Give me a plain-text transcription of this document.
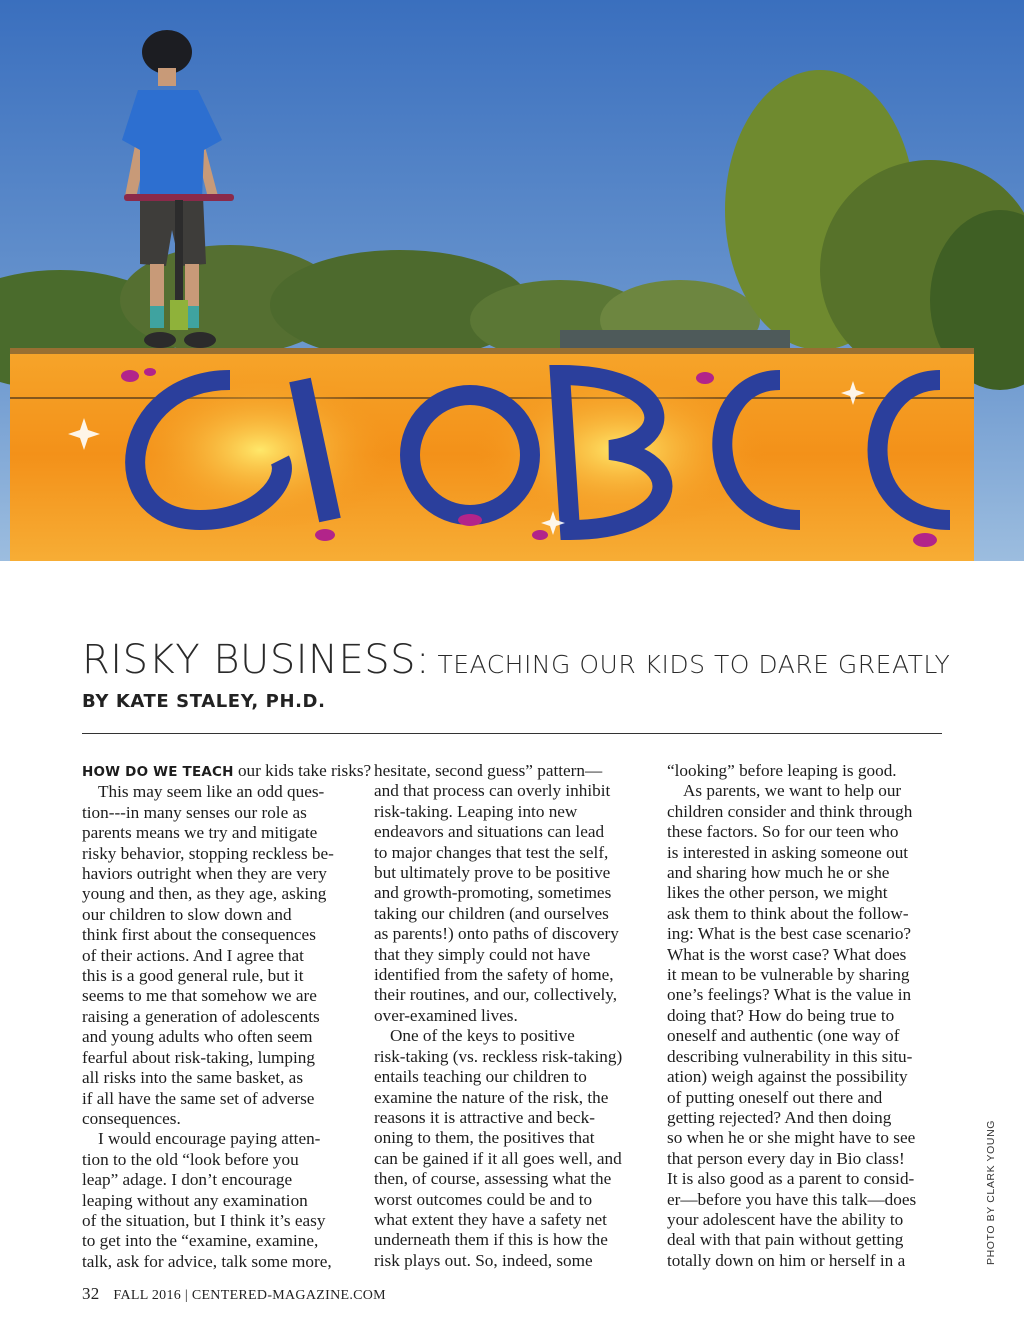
RISKY BUSINESS: TEACHING OUR KIDS TO DARE GREATLY
BY KATE STALEY, PH.D.
HOW DO WE TEACH our kids take risks?
This may seem like an odd ques-
tion---in many senses our role as
parents means we try and mitigate
risky behavior, stopping reckless be-
haviors outright when they are very
young and then, as they age, asking
our children to slow down and
think first about the consequences
of their actions. And I agree that
this is a good general rule, but it
seems to me that somehow we are
raising a generation of adolescents
and young adults who often seem
fearful about risk-taking, lumping
all risks into the same basket, as
if all have the same set of adverse
consequences.
I would encourage paying atten-
tion to the old “look before you
leap” adage. I don’t encourage
leaping without any examination
of the situation, but I think it’s easy
to get into the “examine, examine,
talk, ask for advice, talk some more,
hesitate, second guess” pattern—
and that process can overly inhibit
risk-taking. Leaping into new
endeavors and situations can lead
to major changes that test the self,
but ultimately prove to be positive
and growth-promoting, sometimes
taking our children (and ourselves
as parents!) onto paths of discovery
that they simply could not have
identified from the safety of home,
their routines, and our, collectively,
over-examined lives.
One of the keys to positive
risk-taking (vs. reckless risk-taking)
entails teaching our children to
examine the nature of the risk, the
reasons it is attractive and beck-
oning to them, the positives that
can be gained if it all goes well, and
then, of course, assessing what the
worst outcomes could be and to
what extent they have a safety net
underneath them if this is how the
risk plays out. So, indeed, some
“looking” before leaping is good.
As parents, we want to help our
children consider and think through
these factors. So for our teen who
is interested in asking someone out
and sharing how much he or she
likes the other person, we might
ask them to think about the follow-
ing: What is the best case scenario?
What is the worst case? What does
it mean to be vulnerable by sharing
one’s feelings? What is the value in
doing that? How do being true to
oneself and authentic (one way of
describing vulnerability in this situ-
ation) weigh against the possibility
of putting oneself out there and
getting rejected? And then doing
so when he or she might have to see
that person every day in Bio class!
It is also good as a parent to consid-
er—before you have this talk—does
your adolescent have the ability to
deal with that pain without getting
totally down on him or herself in a
32 FALL 2016 | CENTERED-MAGAZINE.COM
PHOTO BY CLARK YOUNG
